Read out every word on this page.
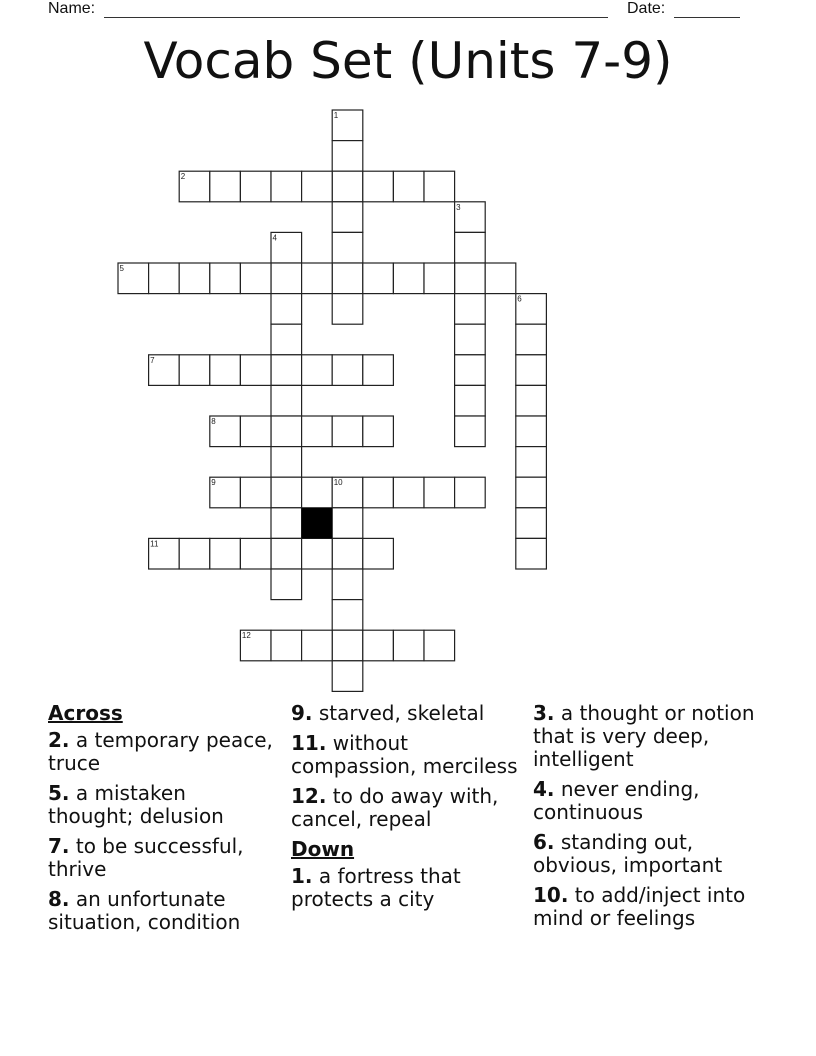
Name:	Date:
Vocab Set (Units 7-9)
1
2
3
4
5
6
7
8
9	10
11
12
Across
2. a temporary peace, truce
5. a mistaken thought; delusion
7. to be successful, thrive
8. an unfortunate situation, condition
9. starved, skeletal
11. without compassion, merciless
12. to do away with, cancel, repeal
Down
1. a fortress that protects a city
3. a thought or notion that is very deep, intelligent
4. never ending, continuous
6. standing out, obvious, important
10. to add/inject into mind or feelings
